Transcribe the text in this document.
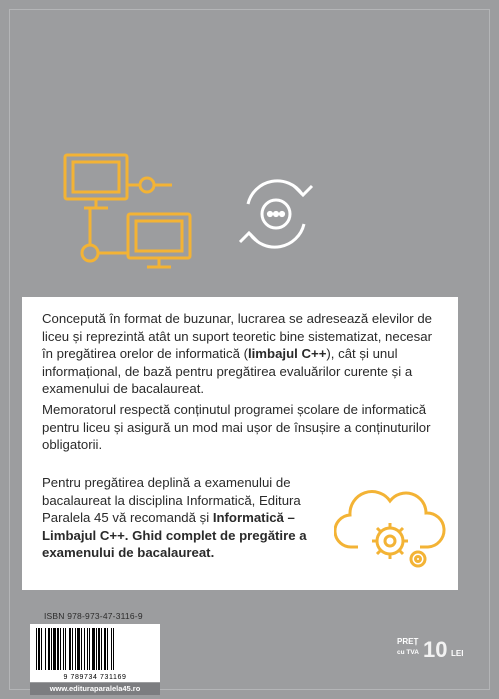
Concepută în format de buzunar, lucrarea se adresează elevilor de liceu și reprezintă atât un suport teoretic bine sistematizat, necesar în pregătirea orelor de informatică (limbajul C++), cât și unul informațional, de bază pentru pregătirea evaluărilor curente și a examenului de bacalaureat.

Memoratorul respectă conținutul programei școlare de informatică pentru liceu și asigură un mod mai ușor de însușire a conținuturilor obligatorii.

Pentru pregătirea deplină a examenului de bacalaureat la disciplina Informatică, Editura Paralela 45 vă recomandă și Informatică – Limbajul C++. Ghid complet de pregătire a examenului de bacalaureat.

ISBN 978-973-47-3116-9
9 789734 731169
www.edituraparalela45.ro
PREȚ
cu TVA 10 LEI
